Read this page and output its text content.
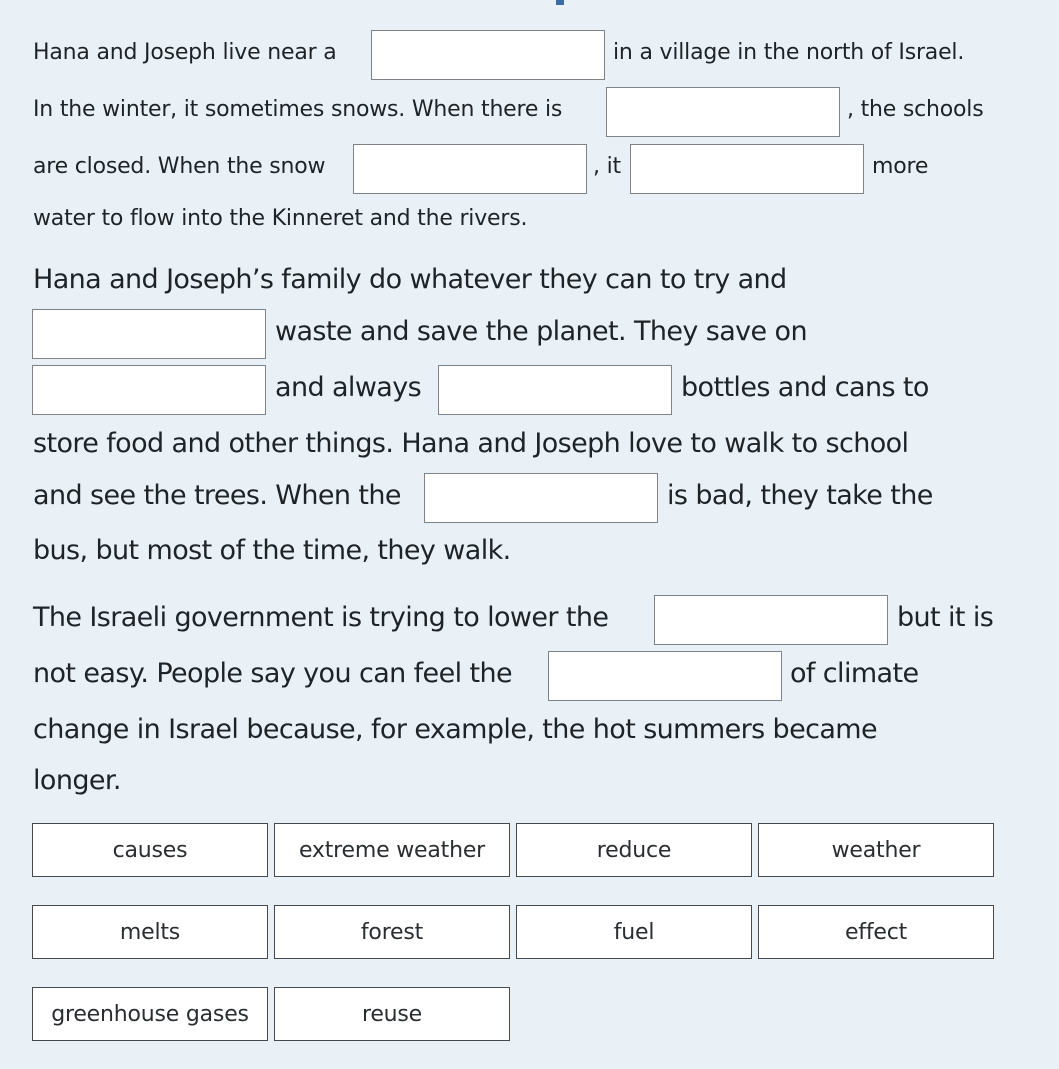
Hana and Joseph live near a	in a village in the north of Israel.
In the winter, it sometimes snows. When there is	, the schools
are closed. When the snow	, it	more
water to flow into the Kinneret and the rivers.
Hana and Joseph’s family do whatever they can to try and
waste and save the planet. They save on
and always	bottles and cans to
store food and other things. Hana and Joseph love to walk to school
and see the trees. When the	is bad, they take the
bus, but most of the time, they walk.
The Israeli government is trying to lower the	but it is
not easy. People say you can feel the	of climate
change in Israel because, for example, the hot summers became
longer.
causes	extreme weather	reduce	weather
melts	forest	fuel	effect
greenhouse gases	reuse
